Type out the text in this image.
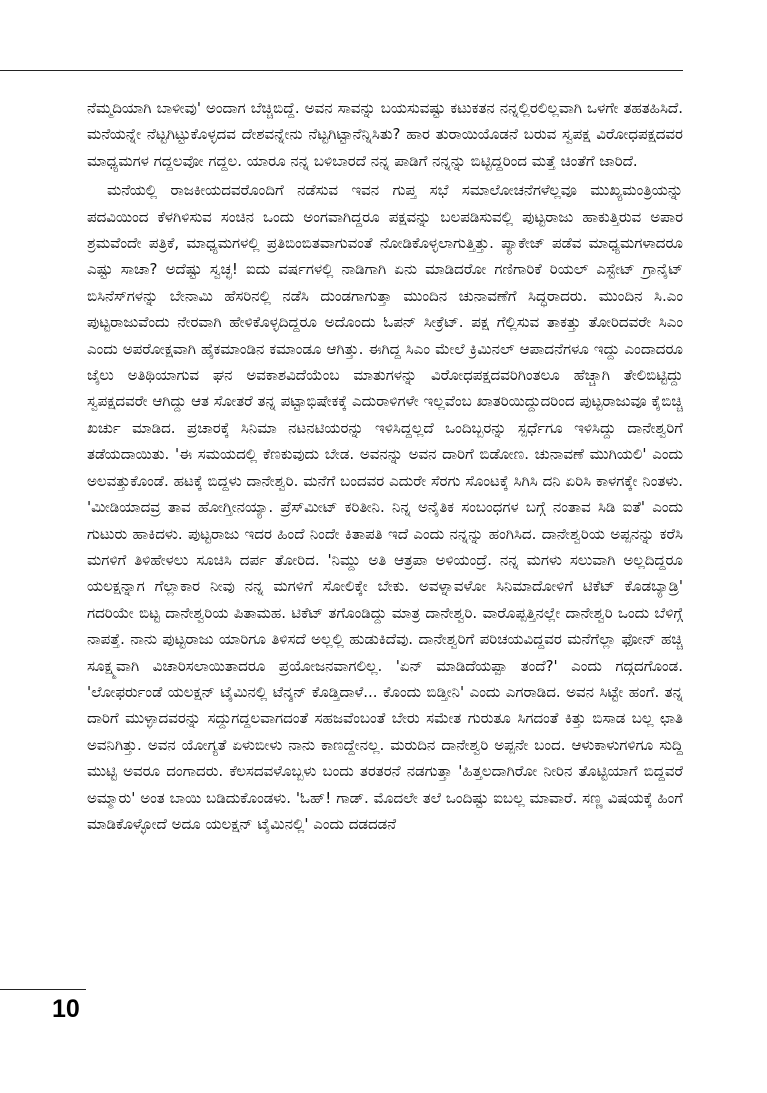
ನೆಮ್ಮದಿಯಾಗಿ ಬಾಳೀವು' ಅಂದಾಗ ಬೆಚ್ಚಿಬಿದ್ದೆ. ಅವನ ಸಾವನ್ನು ಬಯಸುವಷ್ಟು ಕಟುಕತನ ನನ್ನಲ್ಲಿರಲಿಲ್ಲವಾಗಿ ಒಳಗೇ ತಹತಹಿಸಿದೆ. ಮನೆಯನ್ನೇ ನೆಟ್ಟಗಿಟ್ಟುಕೊಳ್ಳದವ ದೇಶವನ್ನೇನು ನೆಟ್ಟಗಿಟ್ಟಾನೆನ್ನಿಸಿತು? ಹಾರ ತುರಾಯಿಯೊಡನೆ ಬರುವ ಸ್ವಪಕ್ಷ ವಿರೋಧಪಕ್ಷದವರ ಮಾಧ್ಯಮಗಳ ಗದ್ದಲವೋ ಗದ್ದಲ. ಯಾರೂ ನನ್ನ ಬಳಿಬಾರದೆ ನನ್ನ ಪಾಡಿಗೆ ನನ್ನನ್ನು ಬಿಟ್ಟಿದ್ದರಿಂದ ಮತ್ತೆ ಚಿಂತೆಗೆ ಜಾರಿದೆ.

ಮನೆಯಲ್ಲಿ ರಾಜಕೀಯದವರೊಂದಿಗೆ ನಡೆಸುವ ಇವನ ಗುಪ್ತ ಸಭೆ ಸಮಾಲೋಚನೆಗಳೆಲ್ಲವೂ ಮುಖ್ಯಮಂತ್ರಿಯನ್ನು ಪದವಿಯಿಂದ ಕೆಳಗಿಳಿಸುವ ಸಂಚಿನ ಒಂದು ಅಂಗವಾಗಿದ್ದರೂ ಪಕ್ಷವನ್ನು ಬಲಪಡಿಸುವಲ್ಲಿ ಪುಟ್ಟರಾಜು ಹಾಕುತ್ತಿರುವ ಅಪಾರ ಶ್ರಮವೆಂದೇ ಪತ್ರಿಕೆ, ಮಾಧ್ಯಮಗಳಲ್ಲಿ ಪ್ರತಿಬಿಂಬಿತವಾಗುವಂತೆ ನೋಡಿಕೊಳ್ಳಲಾಗುತ್ತಿತ್ತು. ಪ್ಯಾಕೇಜ್ ಪಡೆವ ಮಾಧ್ಯಮಗಳಾದರೂ ಎಷ್ಟು ಸಾಚಾ? ಅದೆಷ್ಟು ಸ್ವಚ್ಛ! ಐದು ವರ್ಷಗಳಲ್ಲಿ ನಾಡಿಗಾಗಿ ಏನು ಮಾಡಿದರೋ ಗಣಿಗಾರಿಕೆ ರಿಯಲ್ ಎಸ್ಟೇಟ್ ಗ್ರಾನೈಟ್ ಬಿಸಿನೆಸ್‌ಗಳನ್ನು ಬೇನಾಮಿ ಹೆಸರಿನಲ್ಲಿ ನಡೆಸಿ ದುಂಡಗಾಗುತ್ತಾ ಮುಂದಿನ ಚುನಾವಣೆಗೆ ಸಿದ್ಧರಾದರು. ಮುಂದಿನ ಸಿ.ಎಂ ಪುಟ್ಟರಾಜುವೆಂದು ನೇರವಾಗಿ ಹೇಳಿಕೊಳ್ಳದಿದ್ದರೂ ಅದೊಂದು ಓಪನ್ ಸೀಕ್ರೆಟ್. ಪಕ್ಷ ಗೆಲ್ಲಿಸುವ ತಾಕತ್ತು ತೋರಿದವರೇ ಸಿಎಂ ಎಂದು ಅಪರೋಕ್ಷವಾಗಿ ಹೈಕಮಾಂಡಿನ ಕಮಾಂಡೂ ಆಗಿತ್ತು. ಈಗಿದ್ದ ಸಿಎಂ ಮೇಲೆ ಕ್ರಿಮಿನಲ್ ಆಪಾದನೆಗಳೂ ಇದ್ದು ಎಂದಾದರೂ ಜೈಲು ಅತಿಥಿಯಾಗುವ ಘನ ಅವಕಾಶವಿದೆಯೆಂಬ ಮಾತುಗಳನ್ನು ವಿರೋಧಪಕ್ಷದವರಿಗಿಂತಲೂ ಹೆಚ್ಚಾಗಿ ತೇಲಿಬಿಟ್ಟಿದ್ದು ಸ್ವಪಕ್ಷದವರೇ ಆಗಿದ್ದು ಆತ ಸೋತರೆ ತನ್ನ ಪಟ್ಟಾಭಿಷೇಕಕ್ಕೆ ಎದುರಾಳಿಗಳೇ ಇಲ್ಲವೆಂಬ ಖಾತರಿಯಿದ್ದುದರಿಂದ ಪುಟ್ಟರಾಜುವೂ ಕೈಬಿಚ್ಚಿ ಖರ್ಚು ಮಾಡಿದ. ಪ್ರಚಾರಕ್ಕೆ ಸಿನಿಮಾ ನಟನಟಿಯರನ್ನು ಇಳಿಸಿದ್ದಲ್ಲದೆ ಒಂದಿಬ್ಬರನ್ನು ಸ್ಪರ್ಧೆಗೂ ಇಳಿಸಿದ್ದು ದಾನೇಶ್ವರಿಗೆ ತಡೆಯದಾಯಿತು. 'ಈ ಸಮಯದಲ್ಲಿ ಕೆಣಕುವುದು ಬೇಡ. ಅವನನ್ನು ಅವನ ದಾರಿಗೆ ಬಿಡೋಣ. ಚುನಾವಣೆ ಮುಗಿಯಲಿ' ಎಂದು ಅಲವತ್ತುಕೊಂಡೆ. ಹಟಕ್ಕೆ ಬಿದ್ದಳು ದಾನೇಶ್ವರಿ. ಮನೆಗೆ ಬಂದವರ ಎದುರೇ ಸೆರಗು ಸೊಂಟಕ್ಕೆ ಸಿಗಿಸಿ ದನಿ ಏರಿಸಿ ಕಾಳಗಕ್ಕೇ ನಿಂತಳು. 'ಮೀಡಿಯಾದವ್ರ ತಾವ ಹೋಗ್ತೀನಯ್ಯಾ. ಪ್ರೆಸ್‌ಮೀಟ್ ಕರಿತೀನಿ. ನಿನ್ನ ಅನೈತಿಕ ಸಂಬಂಧಗಳ ಬಗ್ಗೆ ನಂತಾವ ಸಿಡಿ ಐತೆ' ಎಂದು ಗುಟುರು ಹಾಕಿದಳು. ಪುಟ್ಟರಾಜು ಇದರ ಹಿಂದೆ ನಿಂದೇ ಕಿತಾಪತಿ ಇದೆ ಎಂದು ನನ್ನನ್ನು ಹಂಗಿಸಿದ. ದಾನೇಶ್ವರಿಯ ಅಪ್ಪನನ್ನು ಕರೆಸಿ ಮಗಳಿಗೆ ತಿಳಿಹೇಳಲು ಸೂಚಿಸಿ ದರ್ಪ ತೋರಿದ. 'ನಿಮ್ದು ಅತಿ ಆತ್ರಪಾ ಅಳಿಯಂದ್ರೆ. ನನ್ನ ಮಗಳು ಸಲುವಾಗಿ ಅಲ್ಲದಿದ್ದರೂ ಯಲಕ್ಷನ್ನಾಗ ಗೆಲ್ಲಾಕಾರ ನೀವು ನನ್ನ ಮಗಳಿಗೆ ಸೋಲಿಕ್ಕೇ ಬೇಕು. ಅವಳ್ನಾವಳೋ ಸಿನಿಮಾದೋಳಿಗೆ ಟಿಕೆಟ್ ಕೊಡಬ್ಯಾಡ್ರಿ' ಗದರಿಯೇ ಬಿಟ್ಟ ದಾನೇಶ್ವರಿಯ ಪಿತಾಮಹ. ಟಿಕೆಟ್ ತಗೊಂಡಿದ್ದು ಮಾತ್ರ ದಾನೇಶ್ವರಿ. ವಾರೊಪ್ಪತ್ತಿನಲ್ಲೇ ದಾನೇಶ್ವರಿ ಒಂದು ಬೆಳಿಗ್ಗೆ ನಾಪತ್ತೆ. ನಾನು ಪುಟ್ಟರಾಜು ಯಾರಿಗೂ ತಿಳಿಸದೆ ಅಲ್ಲಲ್ಲಿ ಹುಡುಕಿದೆವು. ದಾನೇಶ್ವರಿಗೆ ಪರಿಚಯವಿದ್ದವರ ಮನೆಗೆಲ್ಲಾ ಫೋನ್ ಹಚ್ಚಿ ಸೂಕ್ಷ್ಮವಾಗಿ ವಿಚಾರಿಸಲಾಯಿತಾದರೂ ಪ್ರಯೋಜನವಾಗಲಿಲ್ಲ. 'ಏನ್ ಮಾಡಿದೆಯಪ್ಪಾ ತಂದೆ?' ಎಂದು ಗದ್ಗದಗೊಂಡ. 'ಲೋಫರ್ರುಂಡೆ ಯಲಕ್ಷನ್ ಟೈಮಿನಲ್ಲಿ ಟೆನ್ಶನ್ ಕೊಡ್ತಿದಾಳೆ... ಕೊಂದು ಬಿಡ್ತೀನಿ' ಎಂದು ಎಗರಾಡಿದ. ಅವನ ಸಿಟ್ಟೇ ಹಂಗೆ. ತನ್ನ ದಾರಿಗೆ ಮುಳ್ಳಾದವರನ್ನು ಸದ್ದುಗದ್ದಲವಾಗದಂತೆ ಸಹಜವೆಂಬಂತೆ ಬೇರು ಸಮೇತ ಗುರುತೂ ಸಿಗದಂತೆ ಕಿತ್ತು ಬಿಸಾಡ ಬಲ್ಲ ಛಾತಿ ಅವನಿಗಿತ್ತು. ಅವನ ಯೋಗ್ಯತೆ ಏಳುಬೀಳು ನಾನು ಕಾಣದ್ದೇನಲ್ಲ. ಮರುದಿನ ದಾನೇಶ್ವರಿ ಅಪ್ಪನೇ ಬಂದ. ಆಳುಕಾಳುಗಳಿಗೂ ಸುದ್ದಿ ಮುಟ್ಟಿ ಅವರೂ ದಂಗಾದರು. ಕೆಲಸದವಳೊಬ್ಬಳು ಬಂದು ತರತರನೆ ನಡಗುತ್ತಾ 'ಹಿತ್ತಲದಾಗಿರೋ ನೀರಿನ ತೊಟ್ಟಿಯಾಗೆ ಬಿದ್ದವರೆ ಅಮ್ಮಾರು' ಅಂತ ಬಾಯಿ ಬಡಿದುಕೊಂಡಳು. 'ಓಹ್! ಗಾಡ್. ಮೊದಲೇ ತಲೆ ಒಂದಿಷ್ಟು ಐಬಲ್ಲ ಮಾವಾರೆ. ಸಣ್ಣ ವಿಷಯಕ್ಕೆ ಹಿಂಗೆ ಮಾಡಿಕೊಳ್ಳೋದೆ ಅದೂ ಯಲಕ್ಷನ್ ಟೈಮಿನಲ್ಲಿ' ಎಂದು ದಡದಡನೆ

10
